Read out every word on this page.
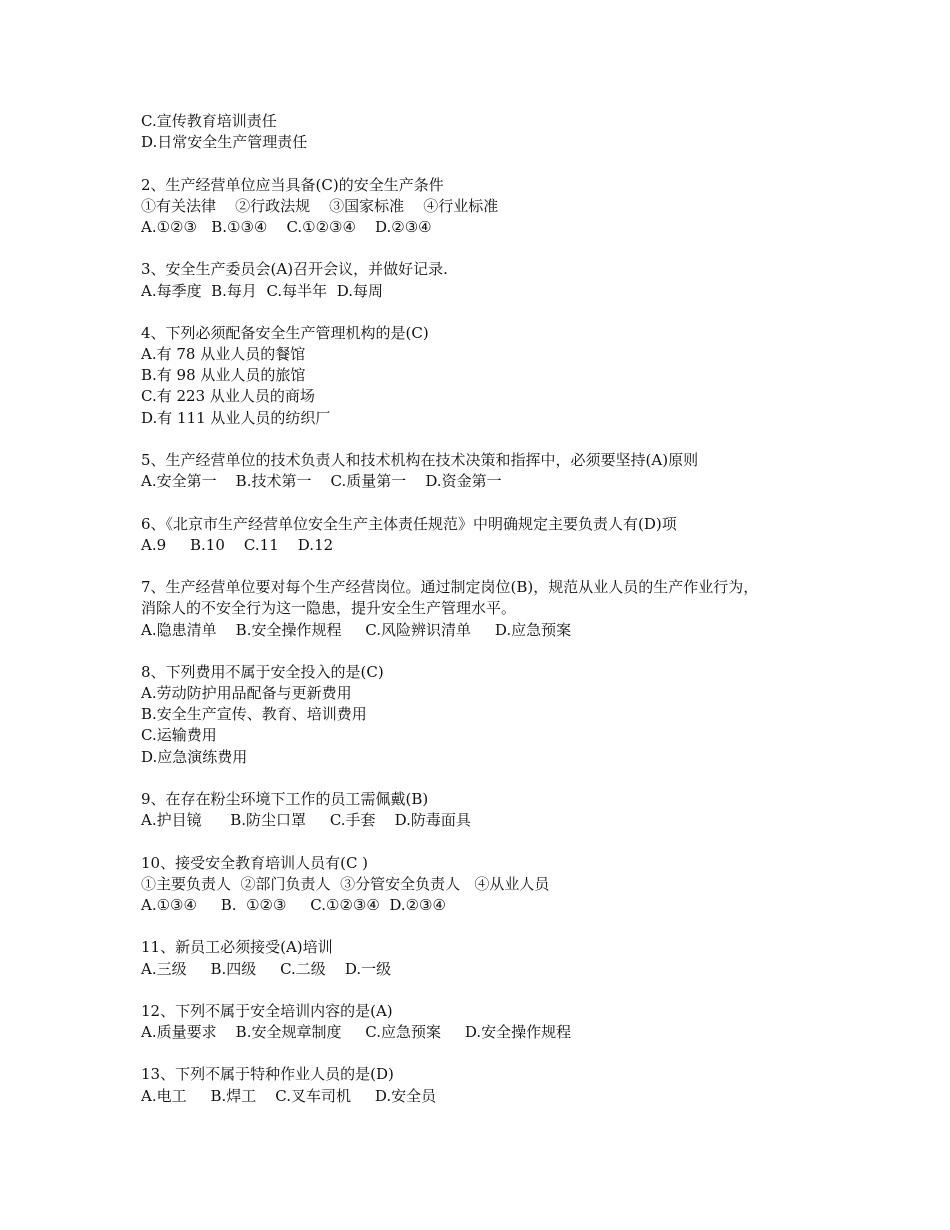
C.宣传教育培训责任
D.日常安全生产管理责任
2、生产经营单位应当具备(C)的安全生产条件
①有关法律    ②行政法规    ③国家标准    ④行业标准
A.①②③   B.①③④    C.①②③④    D.②③④
3、安全生产委员会(A)召开会议，并做好记录.
A.每季度  B.每月  C.每半年  D.每周
4、下列必须配备安全生产管理机构的是(C)
A.有 78 从业人员的餐馆
B.有 98 从业人员的旅馆
C.有 223 从业人员的商场
D.有 111 从业人员的纺织厂
5、生产经营单位的技术负责人和技术机构在技术决策和指挥中，必须要坚持(A)原则
A.安全第一    B.技术第一    C.质量第一    D.资金第一
6、《北京市生产经营单位安全生产主体责任规范》中明确规定主要负责人有(D)项
A.9     B.10    C.11    D.12
7、生产经营单位要对每个生产经营岗位。通过制定岗位(B)，规范从业人员的生产作业行为，
消除人的不安全行为这一隐患，提升安全生产管理水平。
A.隐患清单    B.安全操作规程     C.风险辨识清单     D.应急预案
8、下列费用不属于安全投入的是(C)
A.劳动防护用品配备与更新费用
B.安全生产宣传、教育、培训费用
C.运输费用
D.应急演练费用
9、在存在粉尘环境下工作的员工需佩戴(B)
A.护目镜      B.防尘口罩     C.手套    D.防毒面具
10、接受安全教育培训人员有(C )
①主要负责人  ②部门负责人  ③分管安全负责人   ④从业人员
A.①③④     B.  ①②③     C.①②③④  D.②③④
11、新员工必须接受(A)培训
A.三级     B.四级     C.二级    D.一级
12、下列不属于安全培训内容的是(A)
A.质量要求    B.安全规章制度     C.应急预案     D.安全操作规程
13、下列不属于特种作业人员的是(D)
A.电工     B.焊工    C.叉车司机     D.安全员
